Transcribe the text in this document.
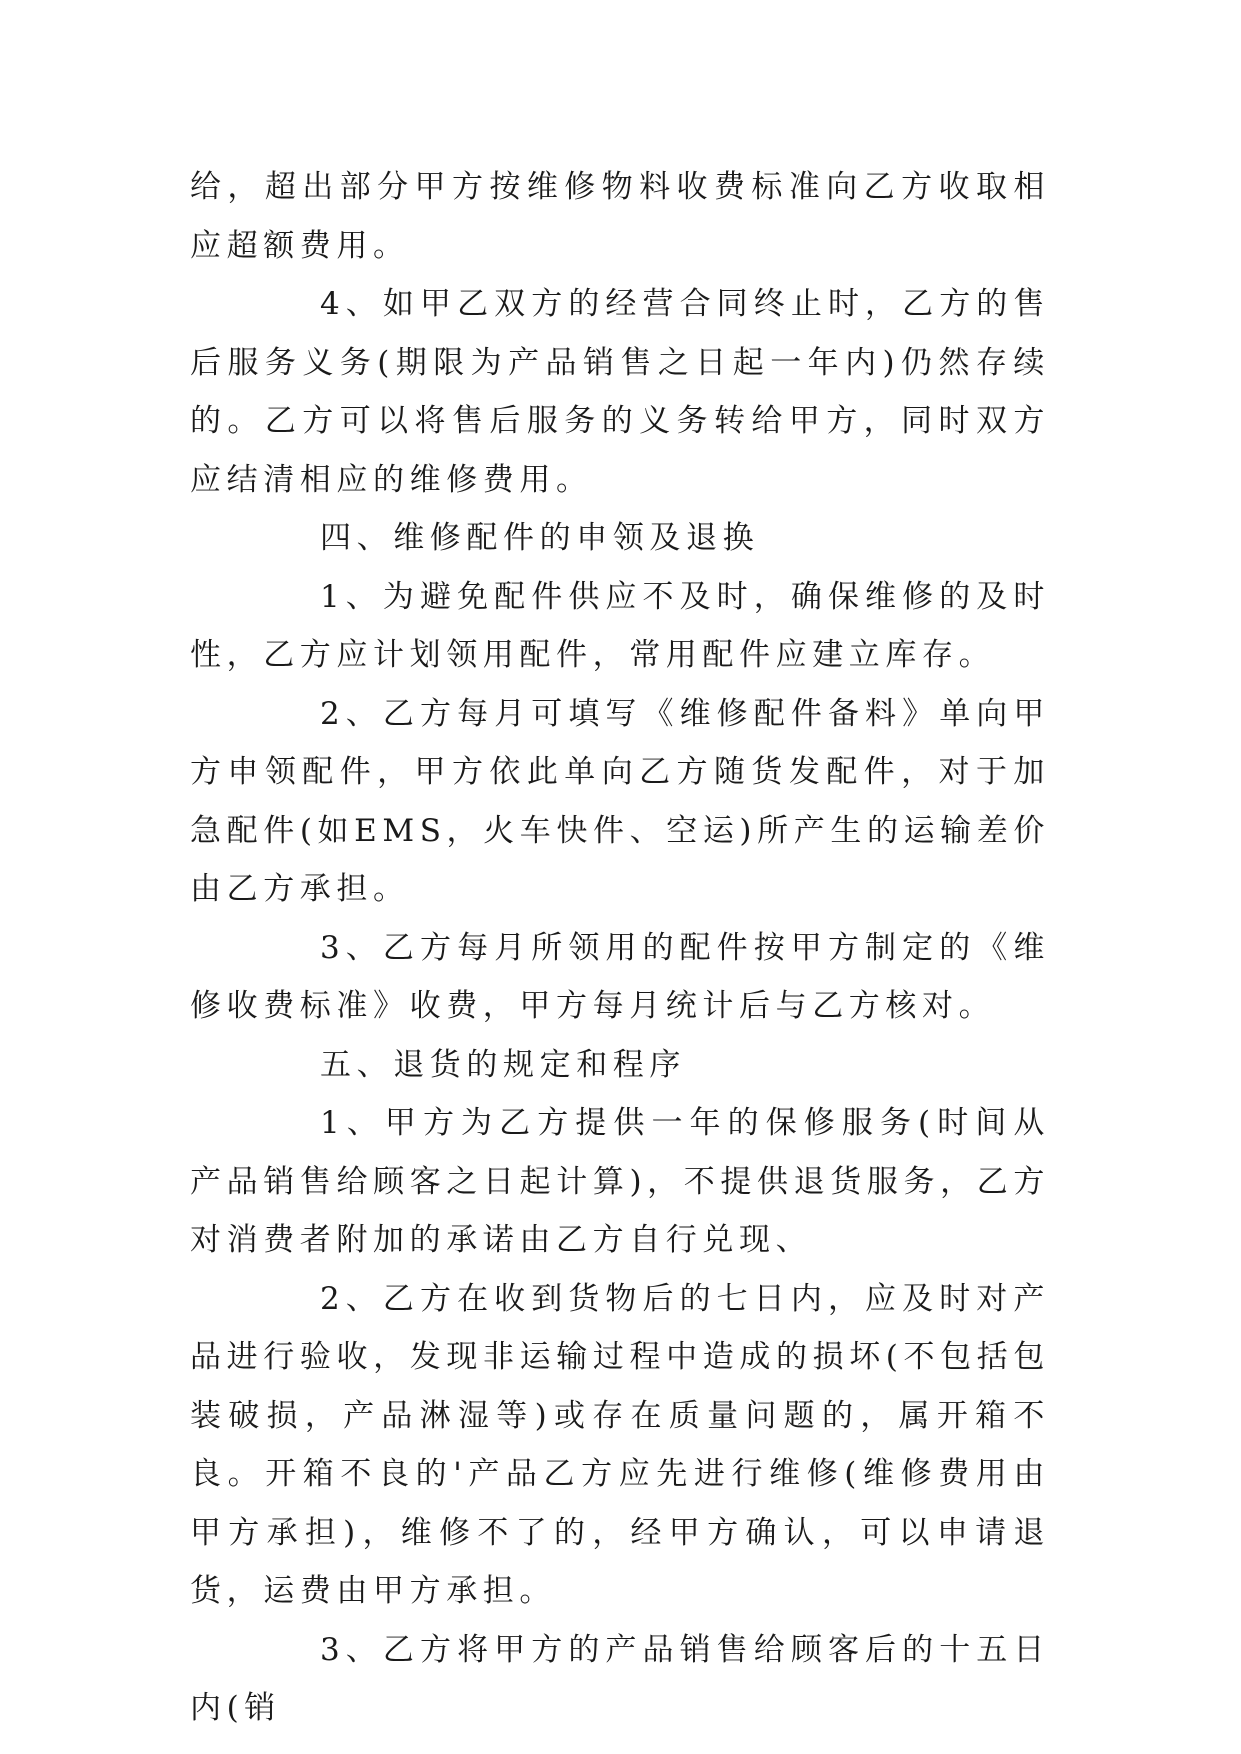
给，超出部分甲方按维修物料收费标准向乙方收取相应超额费用。

4、如甲乙双方的经营合同终止时，乙方的售后服务义务(期限为产品销售之日起一年内)仍然存续的。乙方可以将售后服务的义务转给甲方，同时双方应结清相应的维修费用。

四、维修配件的申领及退换

1、为避免配件供应不及时，确保维修的及时性，乙方应计划领用配件，常用配件应建立库存。

2、乙方每月可填写《维修配件备料》单向甲方申领配件，甲方依此单向乙方随货发配件，对于加急配件(如EMS，火车快件、空运)所产生的运输差价由乙方承担。

3、乙方每月所领用的配件按甲方制定的《维修收费标准》收费，甲方每月统计后与乙方核对。

五、退货的规定和程序

1、甲方为乙方提供一年的保修服务(时间从产品销售给顾客之日起计算)，不提供退货服务，乙方对消费者附加的承诺由乙方自行兑现、

2、乙方在收到货物后的七日内，应及时对产品进行验收，发现非运输过程中造成的损坏(不包括包装破损，产品淋湿等)或存在质量问题的，属开箱不良。开箱不良的'产品乙方应先进行维修(维修费用由甲方承担)，维修不了的，经甲方确认，可以申请退货，运费由甲方承担。

3、乙方将甲方的产品销售给顾客后的十五日内(销
